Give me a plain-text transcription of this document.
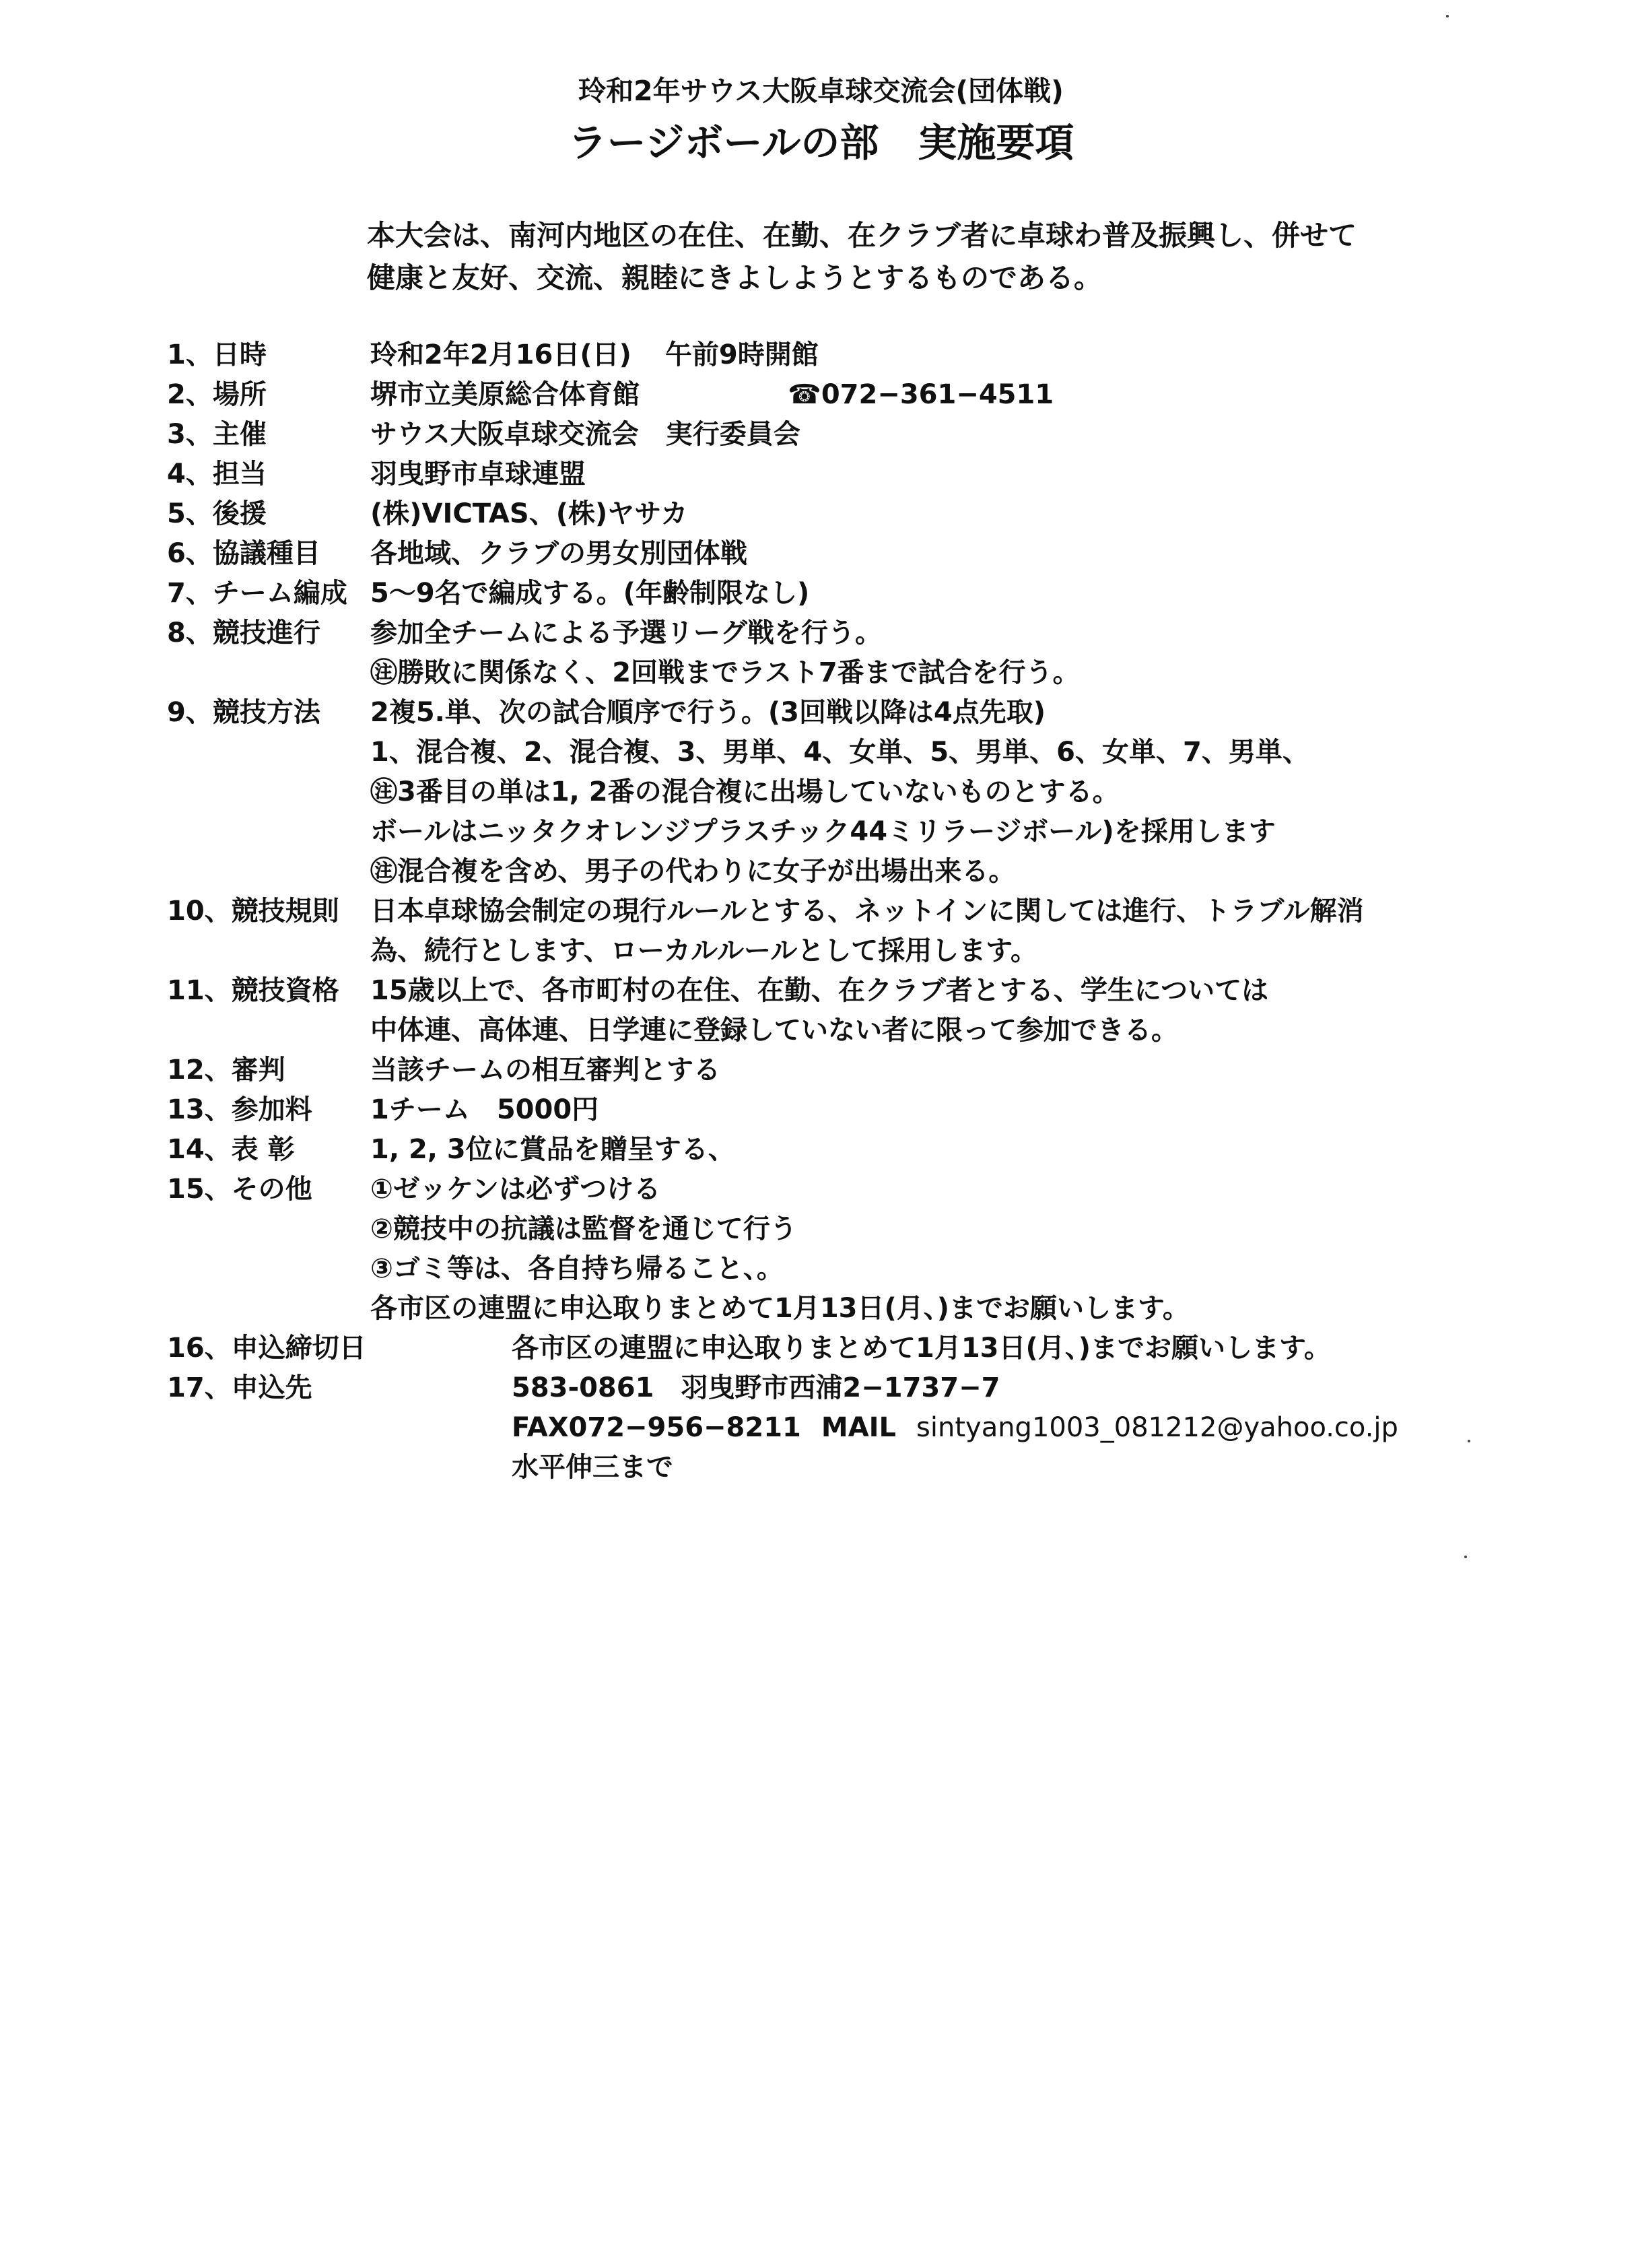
玲和2年サウス大阪卓球交流会(団体戦)
ラージボールの部　実施要項
本大会は、南河内地区の在住、在勤、在クラブ者に卓球わ普及振興し、併せて
健康と友好、交流、親睦にきよしようとするものである。
1、日時	玲和2年2月16日(日) 午前9時開館
2、場所	堺市立美原総合体育館	☎072−361−4511
3、主催	サウス大阪卓球交流会　実行委員会
4、担当	羽曳野市卓球連盟
5、後援	(株)VICTAS、(株)ヤサカ
6、協議種目 各地域、クラブの男女別団体戦
7、チーム編成 5〜9名で編成する。(年齢制限なし)
8、競技進行 参加全チームによる予選リーグ戦を行う。
㊟勝敗に関係なく、2回戦までラスト7番まで試合を行う。
9、競技方法 2複5.単、次の試合順序で行う。(3回戦以降は4点先取)
1、混合複、2、混合複、3、男単、4、女単、5、男単、6、女単、7、男単、
㊟3番目の単は1, 2番の混合複に出場していないものとする。
ボールはニッタクオレンジプラスチック44ミリラージボール)を採用します
㊟混合複を含め、男子の代わりに女子が出場出来る。
10、競技規則 日本卓球協会制定の現行ルールとする、ネットインに関しては進行、トラブル解消
為、続行とします、ローカルルールとして採用します。
11、競技資格 15歳以上で、各市町村の在住、在勤、在クラブ者とする、学生については
中体連、高体連、日学連に登録していない者に限って参加できる。
12、審判	当該チームの相互審判とする
13、参加料 1チーム　5000円
14、表 彰	1, 2, 3位に賞品を贈呈する、
15、その他 ①ゼッケンは必ずつける
②競技中の抗議は監督を通じて行う
③ゴミ等は、各自持ち帰ること、。
各市区の連盟に申込取りまとめて1月13日(月、)までお願いします。
16、申込締切日	各市区の連盟に申込取りまとめて1月13日(月、)までお願いします。
17、申込先	583-0861　羽曳野市西浦2−1737−7
FAX072−956−8211 MAIL sintyang1003_081212@yahoo.co.jp
水平伸三まで
